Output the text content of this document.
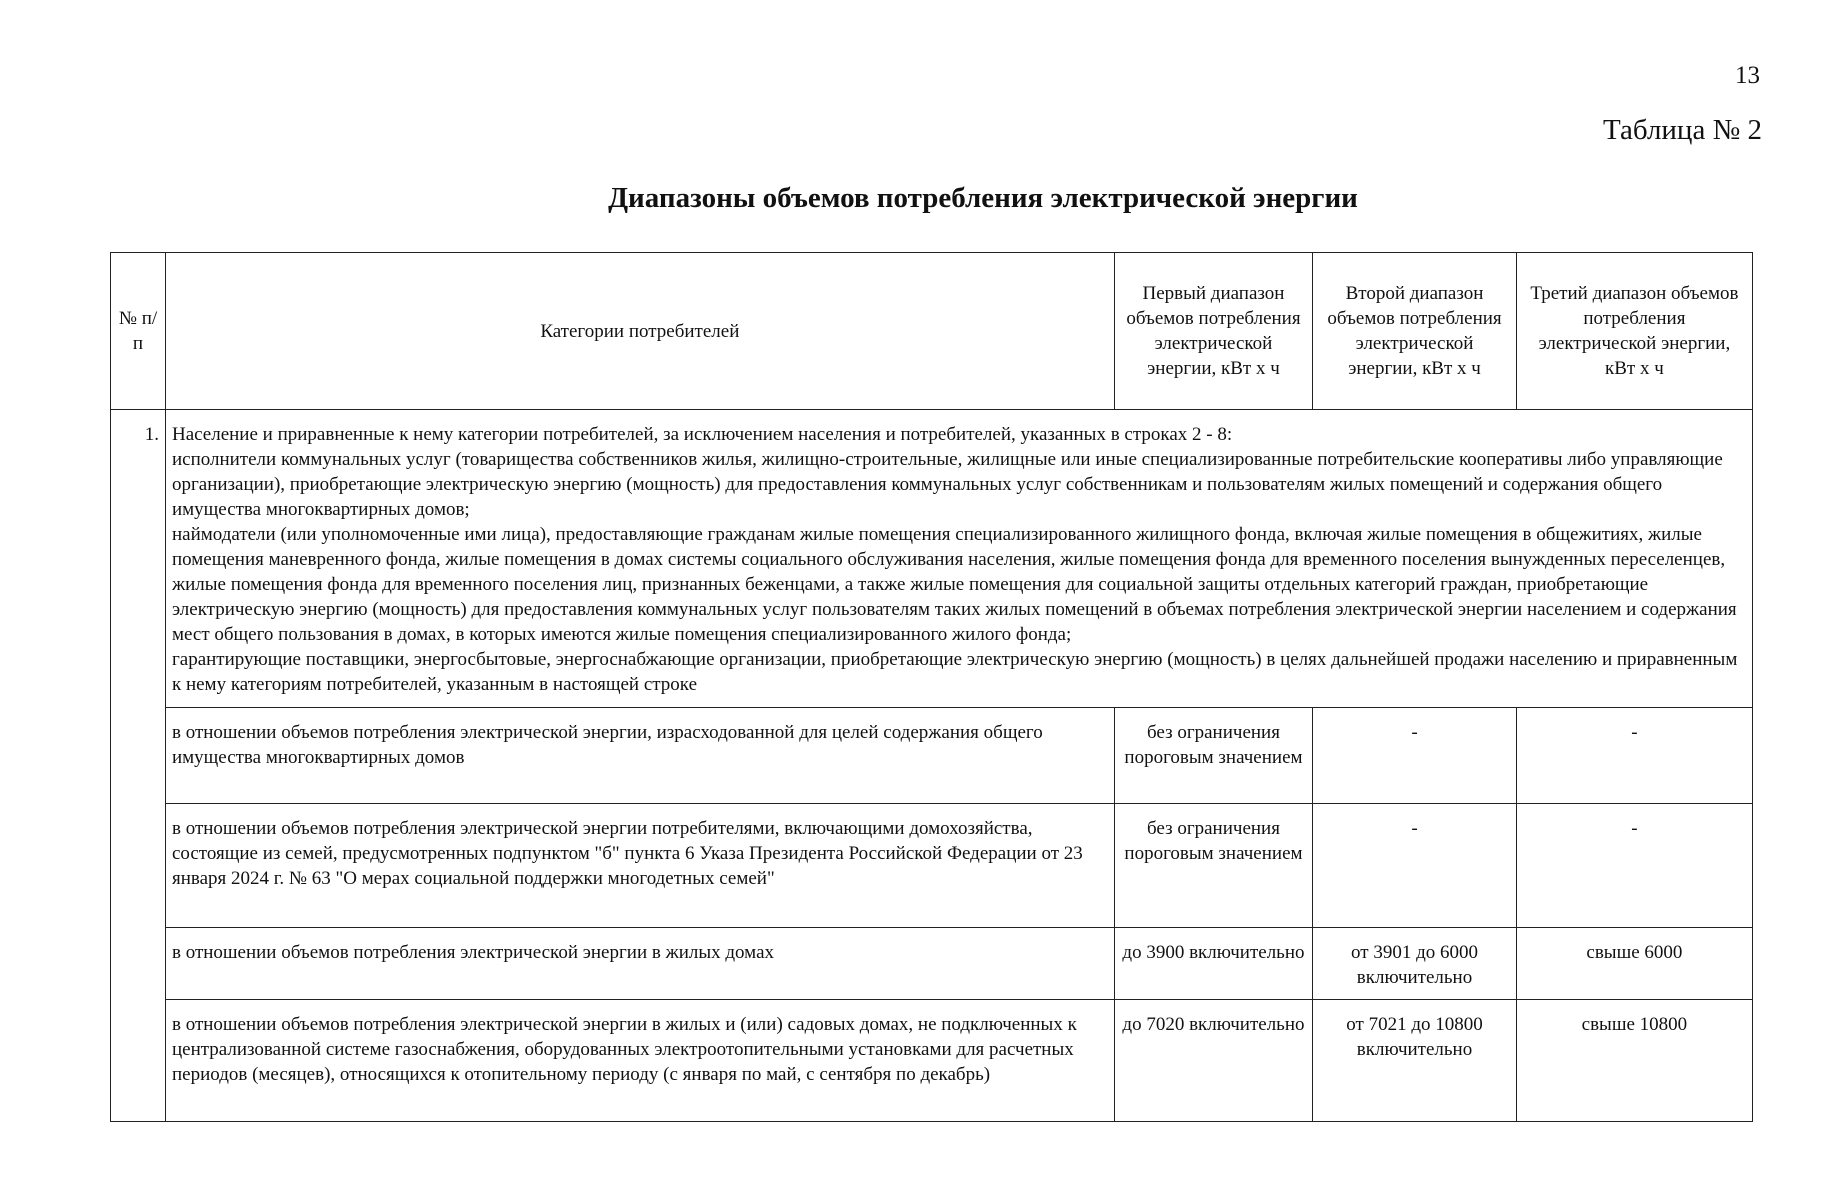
13
Таблица № 2
Диапазоны объемов потребления электрической энергии
№ п/п	Категории потребителей	Первый диапазон объемов потребления электрической энергии, кВт х ч	Второй диапазон объемов потребления электрической энергии, кВт х ч	Третий диапазон объемов потребления электрической энергии, кВт х ч
1.	Население и приравненные к нему категории потребителей, за исключением населения и потребителей, указанных в строках 2 - 8:
исполнители коммунальных услуг (товарищества собственников жилья, жилищно-строительные, жилищные или иные специализированные потребительские кооперативы либо управляющие организации), приобретающие электрическую энергию (мощность) для предоставления коммунальных услуг собственникам и пользователям жилых помещений и содержания общего имущества многоквартирных домов;
наймодатели (или уполномоченные ими лица), предоставляющие гражданам жилые помещения специализированного жилищного фонда, включая жилые помещения в общежитиях, жилые помещения маневренного фонда, жилые помещения в домах системы социального обслуживания населения, жилые помещения фонда для временного поселения вынужденных переселенцев, жилые помещения фонда для временного поселения лиц, признанных беженцами, а также жилые помещения для социальной защиты отдельных категорий граждан, приобретающие электрическую энергию (мощность) для предоставления коммунальных услуг пользователям таких жилых помещений в объемах потребления электрической энергии населением и содержания мест общего пользования в домах, в которых имеются жилые помещения специализированного жилого фонда;
гарантирующие поставщики, энергосбытовые, энергоснабжающие организации, приобретающие электрическую энергию (мощность) в целях дальнейшей продажи населению и приравненным к нему категориям потребителей, указанным в настоящей строке			

	в отношении объемов потребления электрической энергии, израсходованной для целей содержания общего имущества многоквартирных домов	без ограничения пороговым значением	-	-
	в отношении объемов потребления электрической энергии потребителями, включающими домохозяйства, состоящие из семей, предусмотренных подпунктом "б" пункта 6 Указа Президента Российской Федерации от 23 января 2024 г. № 63 "О мерах социальной поддержки многодетных семей"	без ограничения пороговым значением	-	-
	в отношении объемов потребления электрической энергии в жилых домах	до 3900 включительно	от 3901 до 6000 включительно	свыше 6000
	в отношении объемов потребления электрической энергии в жилых и (или) садовых домах, не подключенных к централизованной системе газоснабжения, оборудованных электроотопительными установками для расчетных периодов (месяцев), относящихся к отопительному периоду (с января по май, с сентября по декабрь)	до 7020 включительно	от 7021 до 10800 включительно	свыше 10800
